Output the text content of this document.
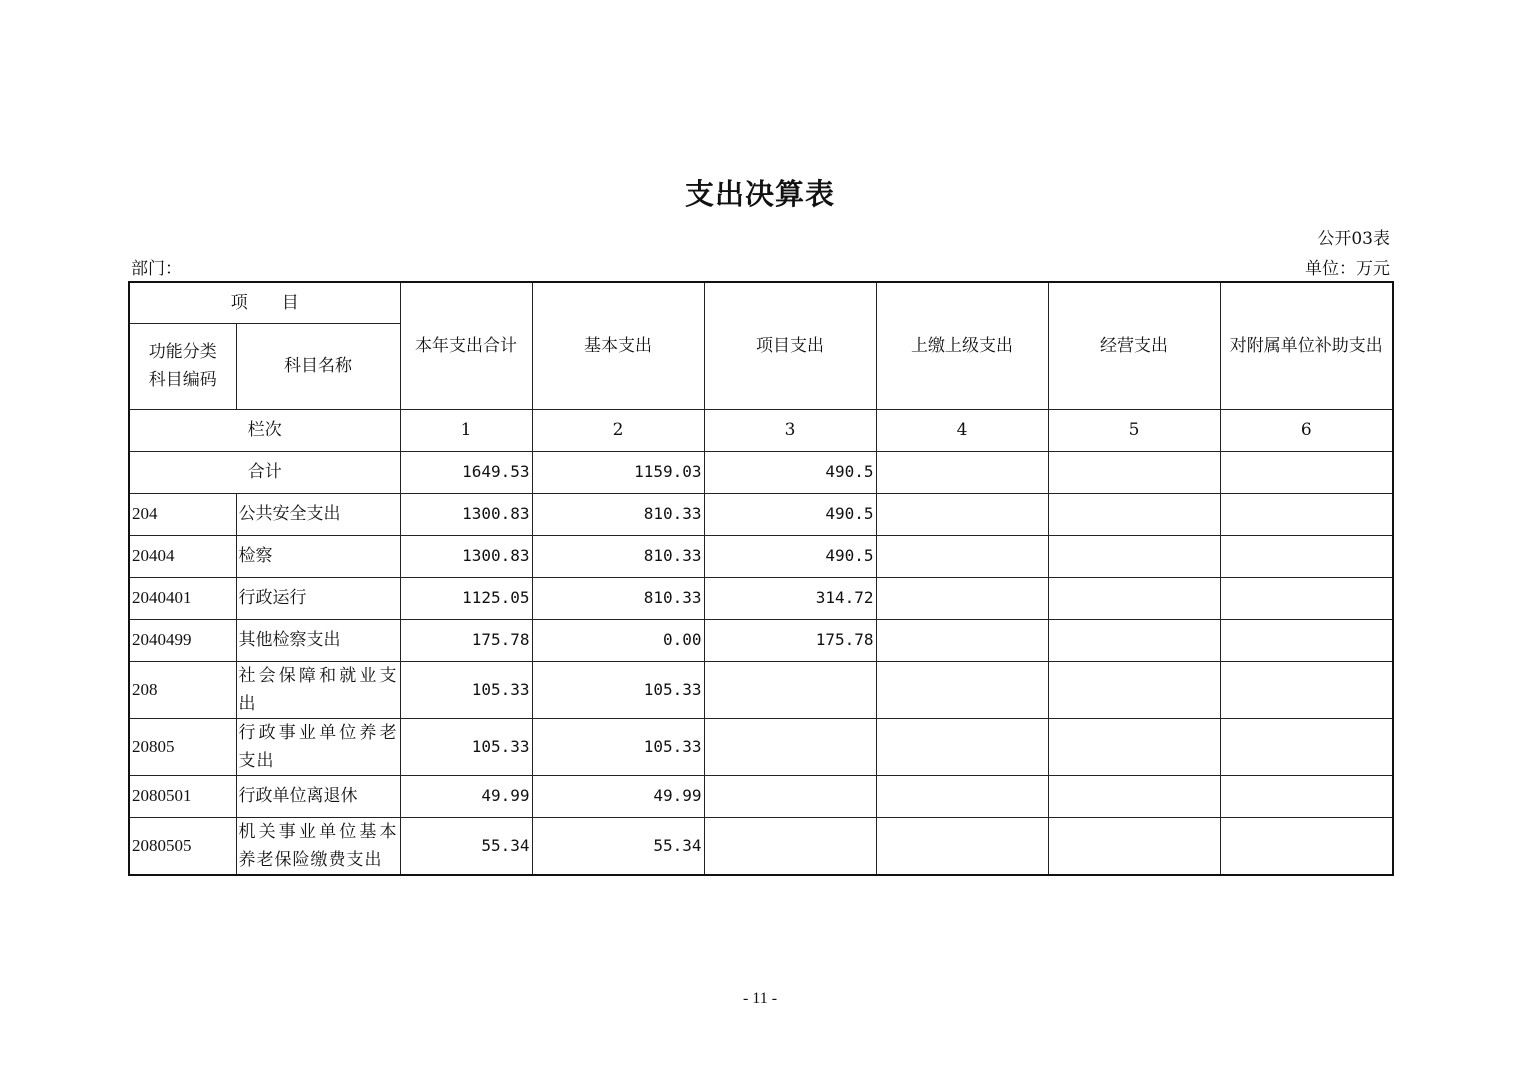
支出决算表
公开03表
部门：	单位：万元
项　　目		本年支出合计	基本支出	项目支出	上缴上级支出	经营支出	对附属单位补助支出
功能分类科目编码	科目名称						
栏次		1	2	3	4	5	6
合计		1649.53	1159.03	490.5			
204	公共安全支出	1300.83	810.33	490.5			
20404	检察	1300.83	810.33	490.5			
2040401	行政运行	1125.05	810.33	314.72			
2040499	其他检察支出	175.78	0.00	175.78			
208	社会保障和就业支出	105.33	105.33				
20805	行政事业单位养老支出	105.33	105.33				
2080501	行政单位离退休	49.99	49.99				
2080505	机关事业单位基本养老保险缴费支出	55.34	55.34				
- 11 -
